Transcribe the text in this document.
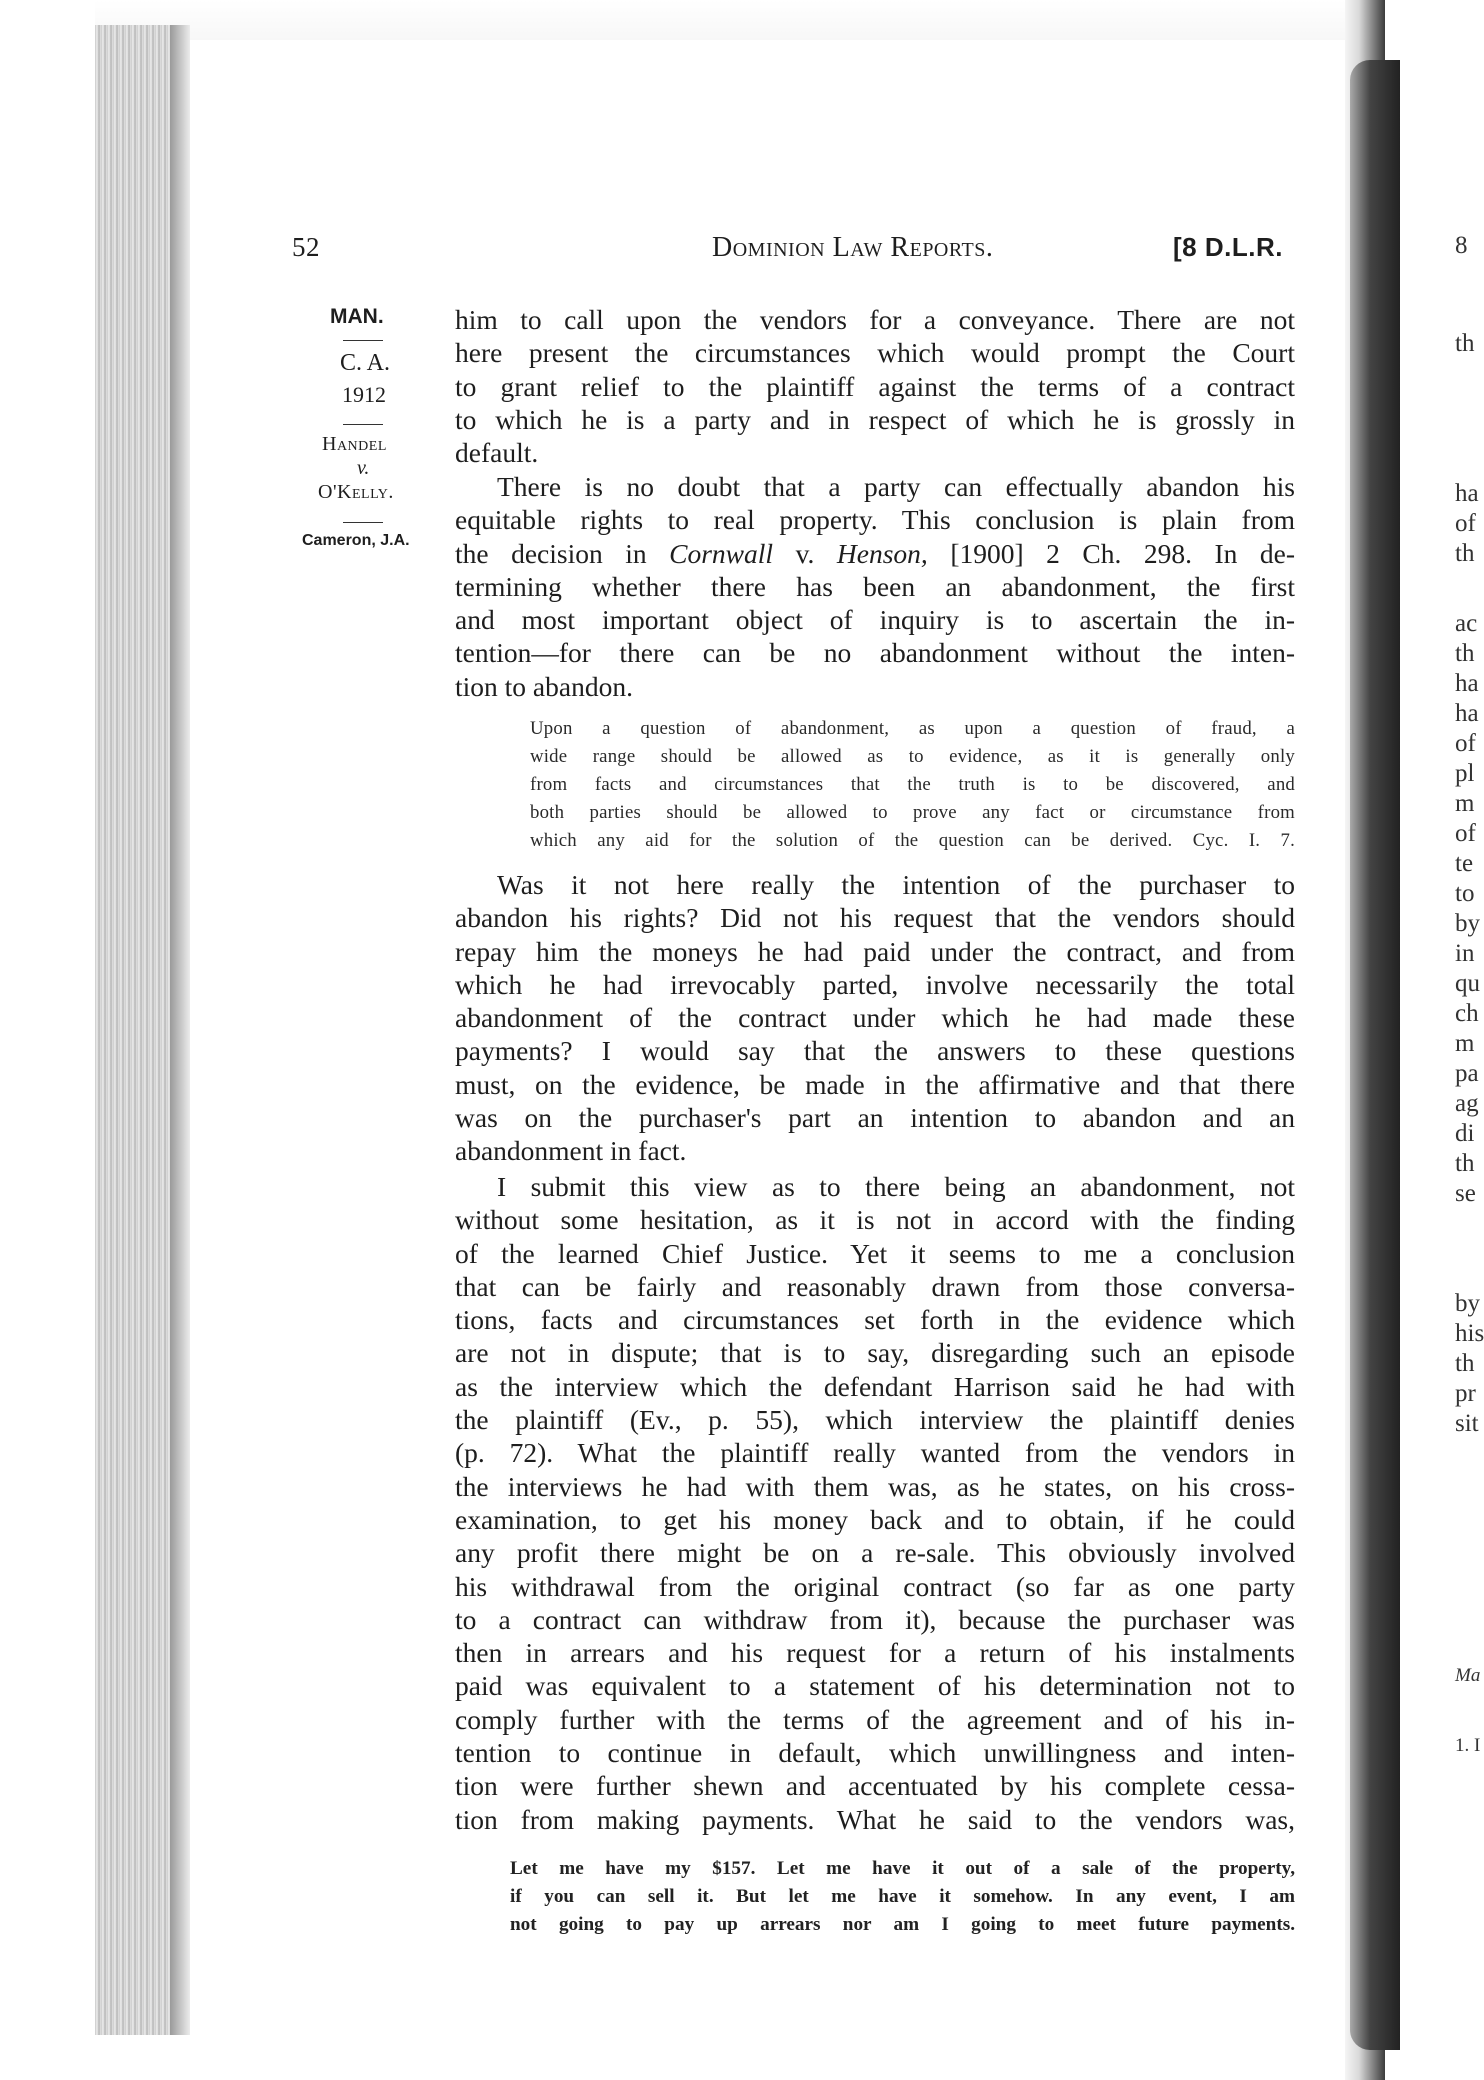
8
th
ha
of
th
ac
th
ha
ha
of
pl
m
of
te
to
by
in
qu
ch
m
pa
ag
di
th
se
by
his
th
pr
sit
Ma
1. I
52	Dominion Law Reports.	[8 D.L.R.
MAN.
C. A.
1912
Handel
v.
O'Kelly.
Cameron, J.A.
him to call upon the vendors for a conveyance. There are not
here present the circumstances which would prompt the Court
to grant relief to the plaintiff against the terms of a contract
to which he is a party and in respect of which he is grossly in
default.
There is no doubt that a party can effectually abandon his
equitable rights to real property. This conclusion is plain from
the decision in Cornwall v. Henson, [1900] 2 Ch. 298. In de-
termining whether there has been an abandonment, the first
and most important object of inquiry is to ascertain the in-
tention—for there can be no abandonment without the inten-
tion to abandon.
Upon a question of abandonment, as upon a question of fraud, a
wide range should be allowed as to evidence, as it is generally only
from facts and circumstances that the truth is to be discovered, and
both parties should be allowed to prove any fact or circumstance from
which any aid for the solution of the question can be derived. Cyc. I. 7.
Was it not here really the intention of the purchaser to
abandon his rights? Did not his request that the vendors should
repay him the moneys he had paid under the contract, and from
which he had irrevocably parted, involve necessarily the total
abandonment of the contract under which he had made these
payments? I would say that the answers to these questions
must, on the evidence, be made in the affirmative and that there
was on the purchaser's part an intention to abandon and an
abandonment in fact.
I submit this view as to there being an abandonment, not
without some hesitation, as it is not in accord with the finding
of the learned Chief Justice. Yet it seems to me a conclusion
that can be fairly and reasonably drawn from those conversa-
tions, facts and circumstances set forth in the evidence which
are not in dispute; that is to say, disregarding such an episode
as the interview which the defendant Harrison said he had with
the plaintiff (Ev., p. 55), which interview the plaintiff denies
(p. 72). What the plaintiff really wanted from the vendors in
the interviews he had with them was, as he states, on his cross-
examination, to get his money back and to obtain, if he could
any profit there might be on a re-sale. This obviously involved
his withdrawal from the original contract (so far as one party
to a contract can withdraw from it), because the purchaser was
then in arrears and his request for a return of his instalments
paid was equivalent to a statement of his determination not to
comply further with the terms of the agreement and of his in-
tention to continue in default, which unwillingness and inten-
tion were further shewn and accentuated by his complete cessa-
tion from making payments. What he said to the vendors was,
Let me have my $157. Let me have it out of a sale of the property,
if you can sell it. But let me have it somehow. In any event, I am
not going to pay up arrears nor am I going to meet future payments.
